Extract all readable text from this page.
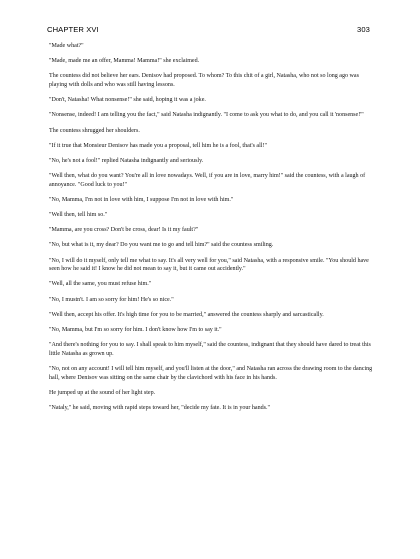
CHAPTER XVI	303

"Made what?"

"Made, made me an offer, Mamma! Mamma!" she exclaimed.

The countess did not believe her ears. Denisov had proposed. To whom? To this chit of a girl, Natasha, who not so long ago was playing with dolls and who was still having lessons.

"Don't, Natasha! What nonsense!" she said, hoping it was a joke.

"Nonsense, indeed! I am telling you the fact," said Natasha indignantly. "I come to ask you what to do, and you call it 'nonsense!'"

The countess shrugged her shoulders.

"If it true that Monsieur Denisov has made you a proposal, tell him he is a fool, that's all!"

"No, he's not a fool!" replied Natasha indignantly and seriously.

"Well then, what do you want? You're all in love nowadays. Well, if you are in love, marry him!" said the countess, with a laugh of annoyance. "Good luck to you!"

"No, Mamma, I'm not in love with him, I suppose I'm not in love with him."

"Well then, tell him so."

"Mamma, are you cross? Don't be cross, dear! Is it my fault?"

"No, but what is it, my dear? Do you want me to go and tell him?" said the countess smiling.

"No, I will do it myself, only tell me what to say. It's all very well for you," said Natasha, with a responsive smile. "You should have seen how he said it! I know he did not mean to say it, but it came out accidently."

"Well, all the same, you must refuse him."

"No, I mustn't. I am so sorry for him! He's so nice."

"Well then, accept his offer. It's high time for you to be married," answered the countess sharply and sarcastically.

"No, Mamma, but I'm so sorry for him. I don't know how I'm to say it."

"And there's nothing for you to say. I shall speak to him myself," said the countess, indignant that they should have dared to treat this little Natasha as grown up.

"No, not on any account! I will tell him myself, and you'll listen at the door," and Natasha ran across the drawing room to the dancing hall, where Denisov was sitting on the same chair by the clavichord with his face in his hands.

He jumped up at the sound of her light step.

"Nataly," he said, moving with rapid steps toward her, "decide my fate. It is in your hands."
